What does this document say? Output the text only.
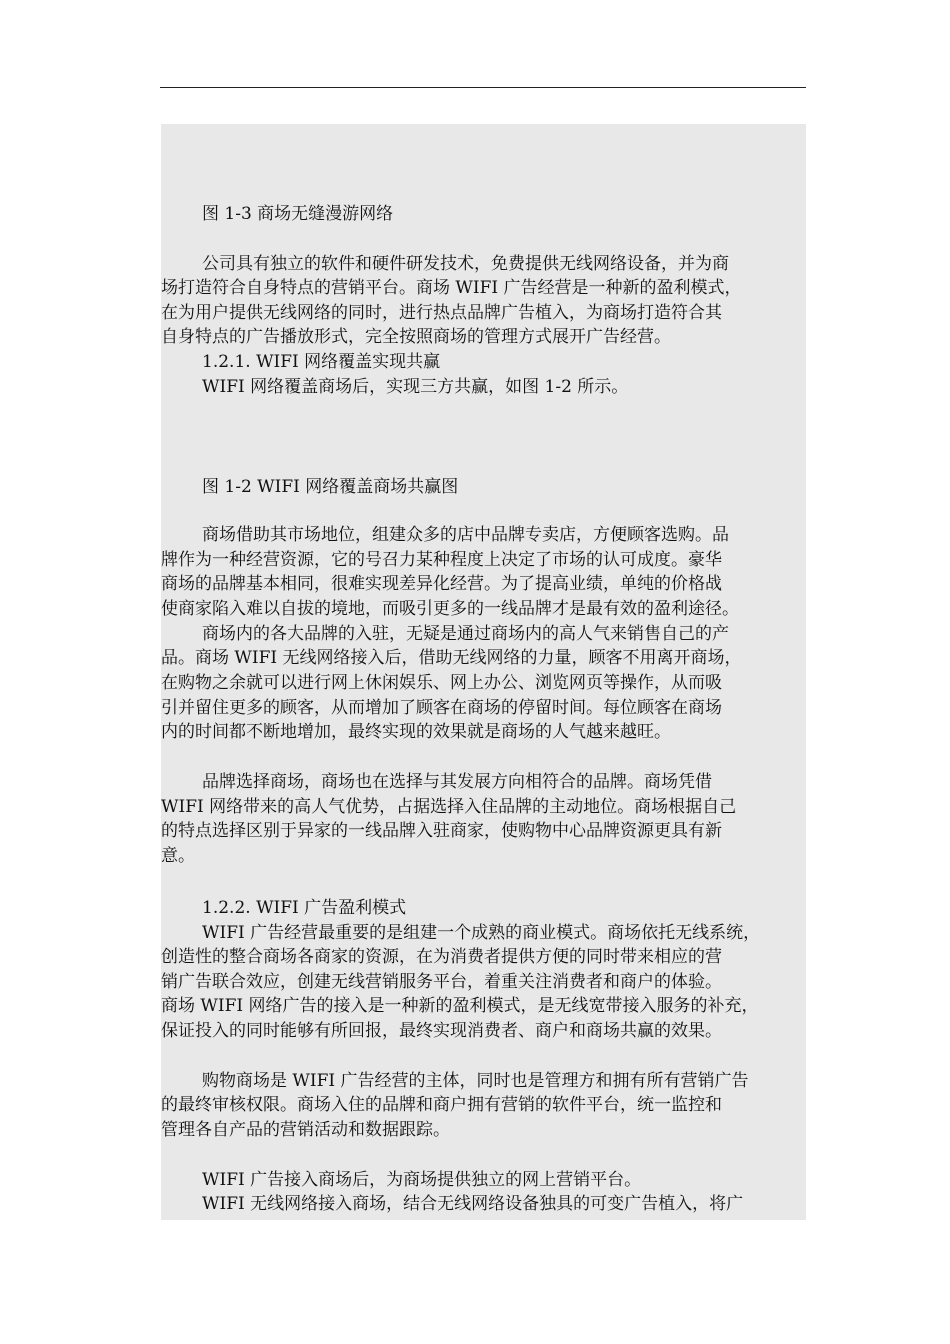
图 1-3 商场无缝漫游网络
公司具有独立的软件和硬件研发技术，免费提供无线网络设备，并为商
场打造符合自身特点的营销平台。商场 WIFI 广告经营是一种新的盈利模式，
在为用户提供无线网络的同时，进行热点品牌广告植入，为商场打造符合其
自身特点的广告播放形式，完全按照商场的管理方式展开广告经营。
1.2.1. WIFI 网络覆盖实现共赢
WIFI 网络覆盖商场后，实现三方共赢，如图 1-2 所示。
图 1-2 WIFI 网络覆盖商场共赢图
商场借助其市场地位，组建众多的店中品牌专卖店，方便顾客选购。品
牌作为一种经营资源，它的号召力某种程度上决定了市场的认可成度。豪华
商场的品牌基本相同，很难实现差异化经营。为了提高业绩，单纯的价格战
使商家陷入难以自拔的境地，而吸引更多的一线品牌才是最有效的盈利途径。
商场内的各大品牌的入驻，无疑是通过商场内的高人气来销售自己的产
品。商场 WIFI 无线网络接入后，借助无线网络的力量，顾客不用离开商场，
在购物之余就可以进行网上休闲娱乐、网上办公、浏览网页等操作，从而吸
引并留住更多的顾客，从而增加了顾客在商场的停留时间。每位顾客在商场
内的时间都不断地增加，最终实现的效果就是商场的人气越来越旺。
品牌选择商场，商场也在选择与其发展方向相符合的品牌。商场凭借
WIFI 网络带来的高人气优势，占据选择入住品牌的主动地位。商场根据自己
的特点选择区别于异家的一线品牌入驻商家，使购物中心品牌资源更具有新
意。
1.2.2. WIFI 广告盈利模式
WIFI 广告经营最重要的是组建一个成熟的商业模式。商场依托无线系统，
创造性的整合商场各商家的资源，在为消费者提供方便的同时带来相应的营
销广告联合效应，创建无线营销服务平台，着重关注消费者和商户的体验。
商场 WIFI 网络广告的接入是一种新的盈利模式，是无线宽带接入服务的补充，
保证投入的同时能够有所回报，最终实现消费者、商户和商场共赢的效果。
购物商场是 WIFI 广告经营的主体，同时也是管理方和拥有所有营销广告
的最终审核权限。商场入住的品牌和商户拥有营销的软件平台，统一监控和
管理各自产品的营销活动和数据跟踪。
WIFI 广告接入商场后，为商场提供独立的网上营销平台。
WIFI 无线网络接入商场，结合无线网络设备独具的可变广告植入，将广
